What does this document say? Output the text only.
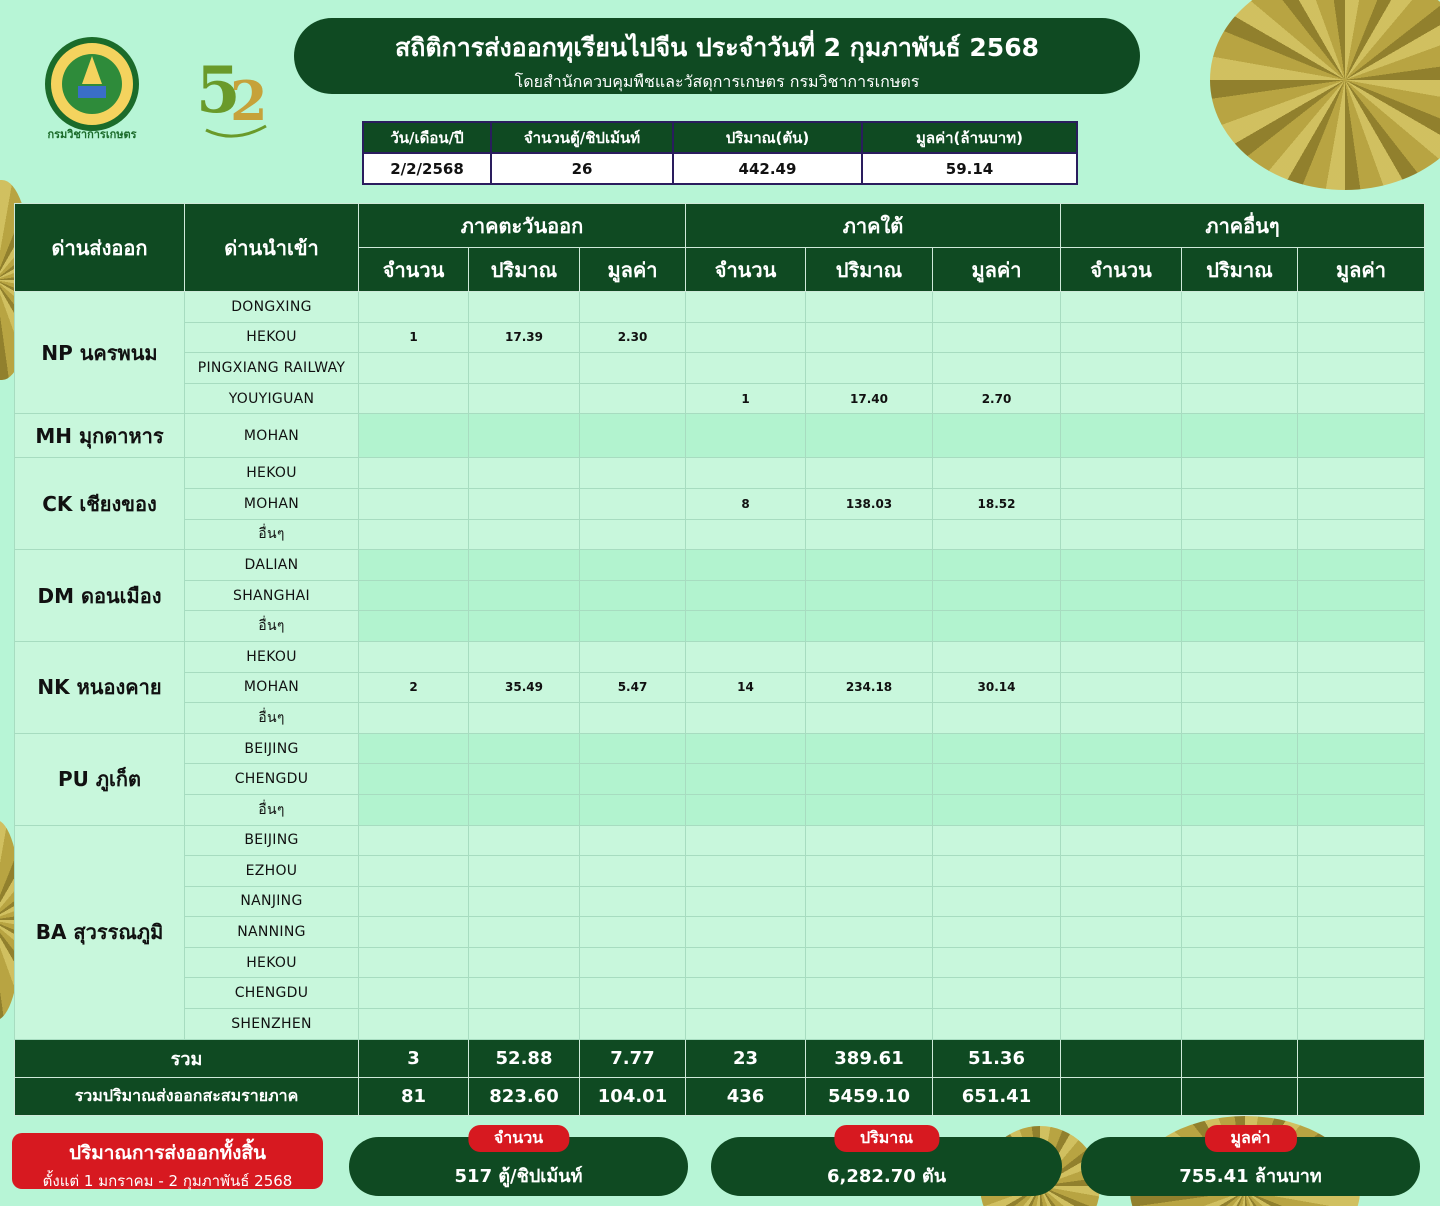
กรมวิชาการเกษตร
5
2
สถิติการส่งออกทุเรียนไปจีน ประจำวันที่ 2 กุมภาพันธ์ 2568
โดยสำนักควบคุมพืชและวัสดุการเกษตร กรมวิชาการเกษตร
วัน/เดือน/ปี	จำนวนตู้/ชิปเม้นท์	ปริมาณ(ตัน)	มูลค่า(ล้านบาท)
2/2/2568	26	442.49	59.14
ด่านส่งออก	ด่านนำเข้า	ภาคตะวันออก			ภาคใต้			ภาคอื่นๆ		
		จำนวน	ปริมาณ	มูลค่า	จำนวน	ปริมาณ	มูลค่า	จำนวน	ปริมาณ	มูลค่า
NP นครพนม	DONGXING									
	HEKOU	1	17.39	2.30						
	PINGXIANG RAILWAY									
	YOUYIGUAN				1	17.40	2.70			
MH มุกดาหาร	MOHAN									
CK เชียงของ	HEKOU									
	MOHAN				8	138.03	18.52			
	อื่นๆ									
DM ดอนเมือง	DALIAN									
	SHANGHAI									
	อื่นๆ									
NK หนองคาย	HEKOU									
	MOHAN	2	35.49	5.47	14	234.18	30.14			
	อื่นๆ									
PU ภูเก็ต	BEIJING									
	CHENGDU									
	อื่นๆ									
BA สุวรรณภูมิ	BEIJING									
	EZHOU									
	NANJING									
	NANNING									
	HEKOU									
	CHENGDU									
	SHENZHEN									
รวม		3	52.88	7.77	23	389.61	51.36			
รวมปริมาณส่งออกสะสมรายภาค		81	823.60	104.01	436	5459.10	651.41			
ปริมาณการส่งออกทั้งสิ้น
ตั้งแต่ 1 มกราคม - 2 กุมภาพันธ์ 2568
จำนวน
517 ตู้/ชิปเม้นท์
ปริมาณ
6,282.70 ตัน
มูลค่า
755.41 ล้านบาท
